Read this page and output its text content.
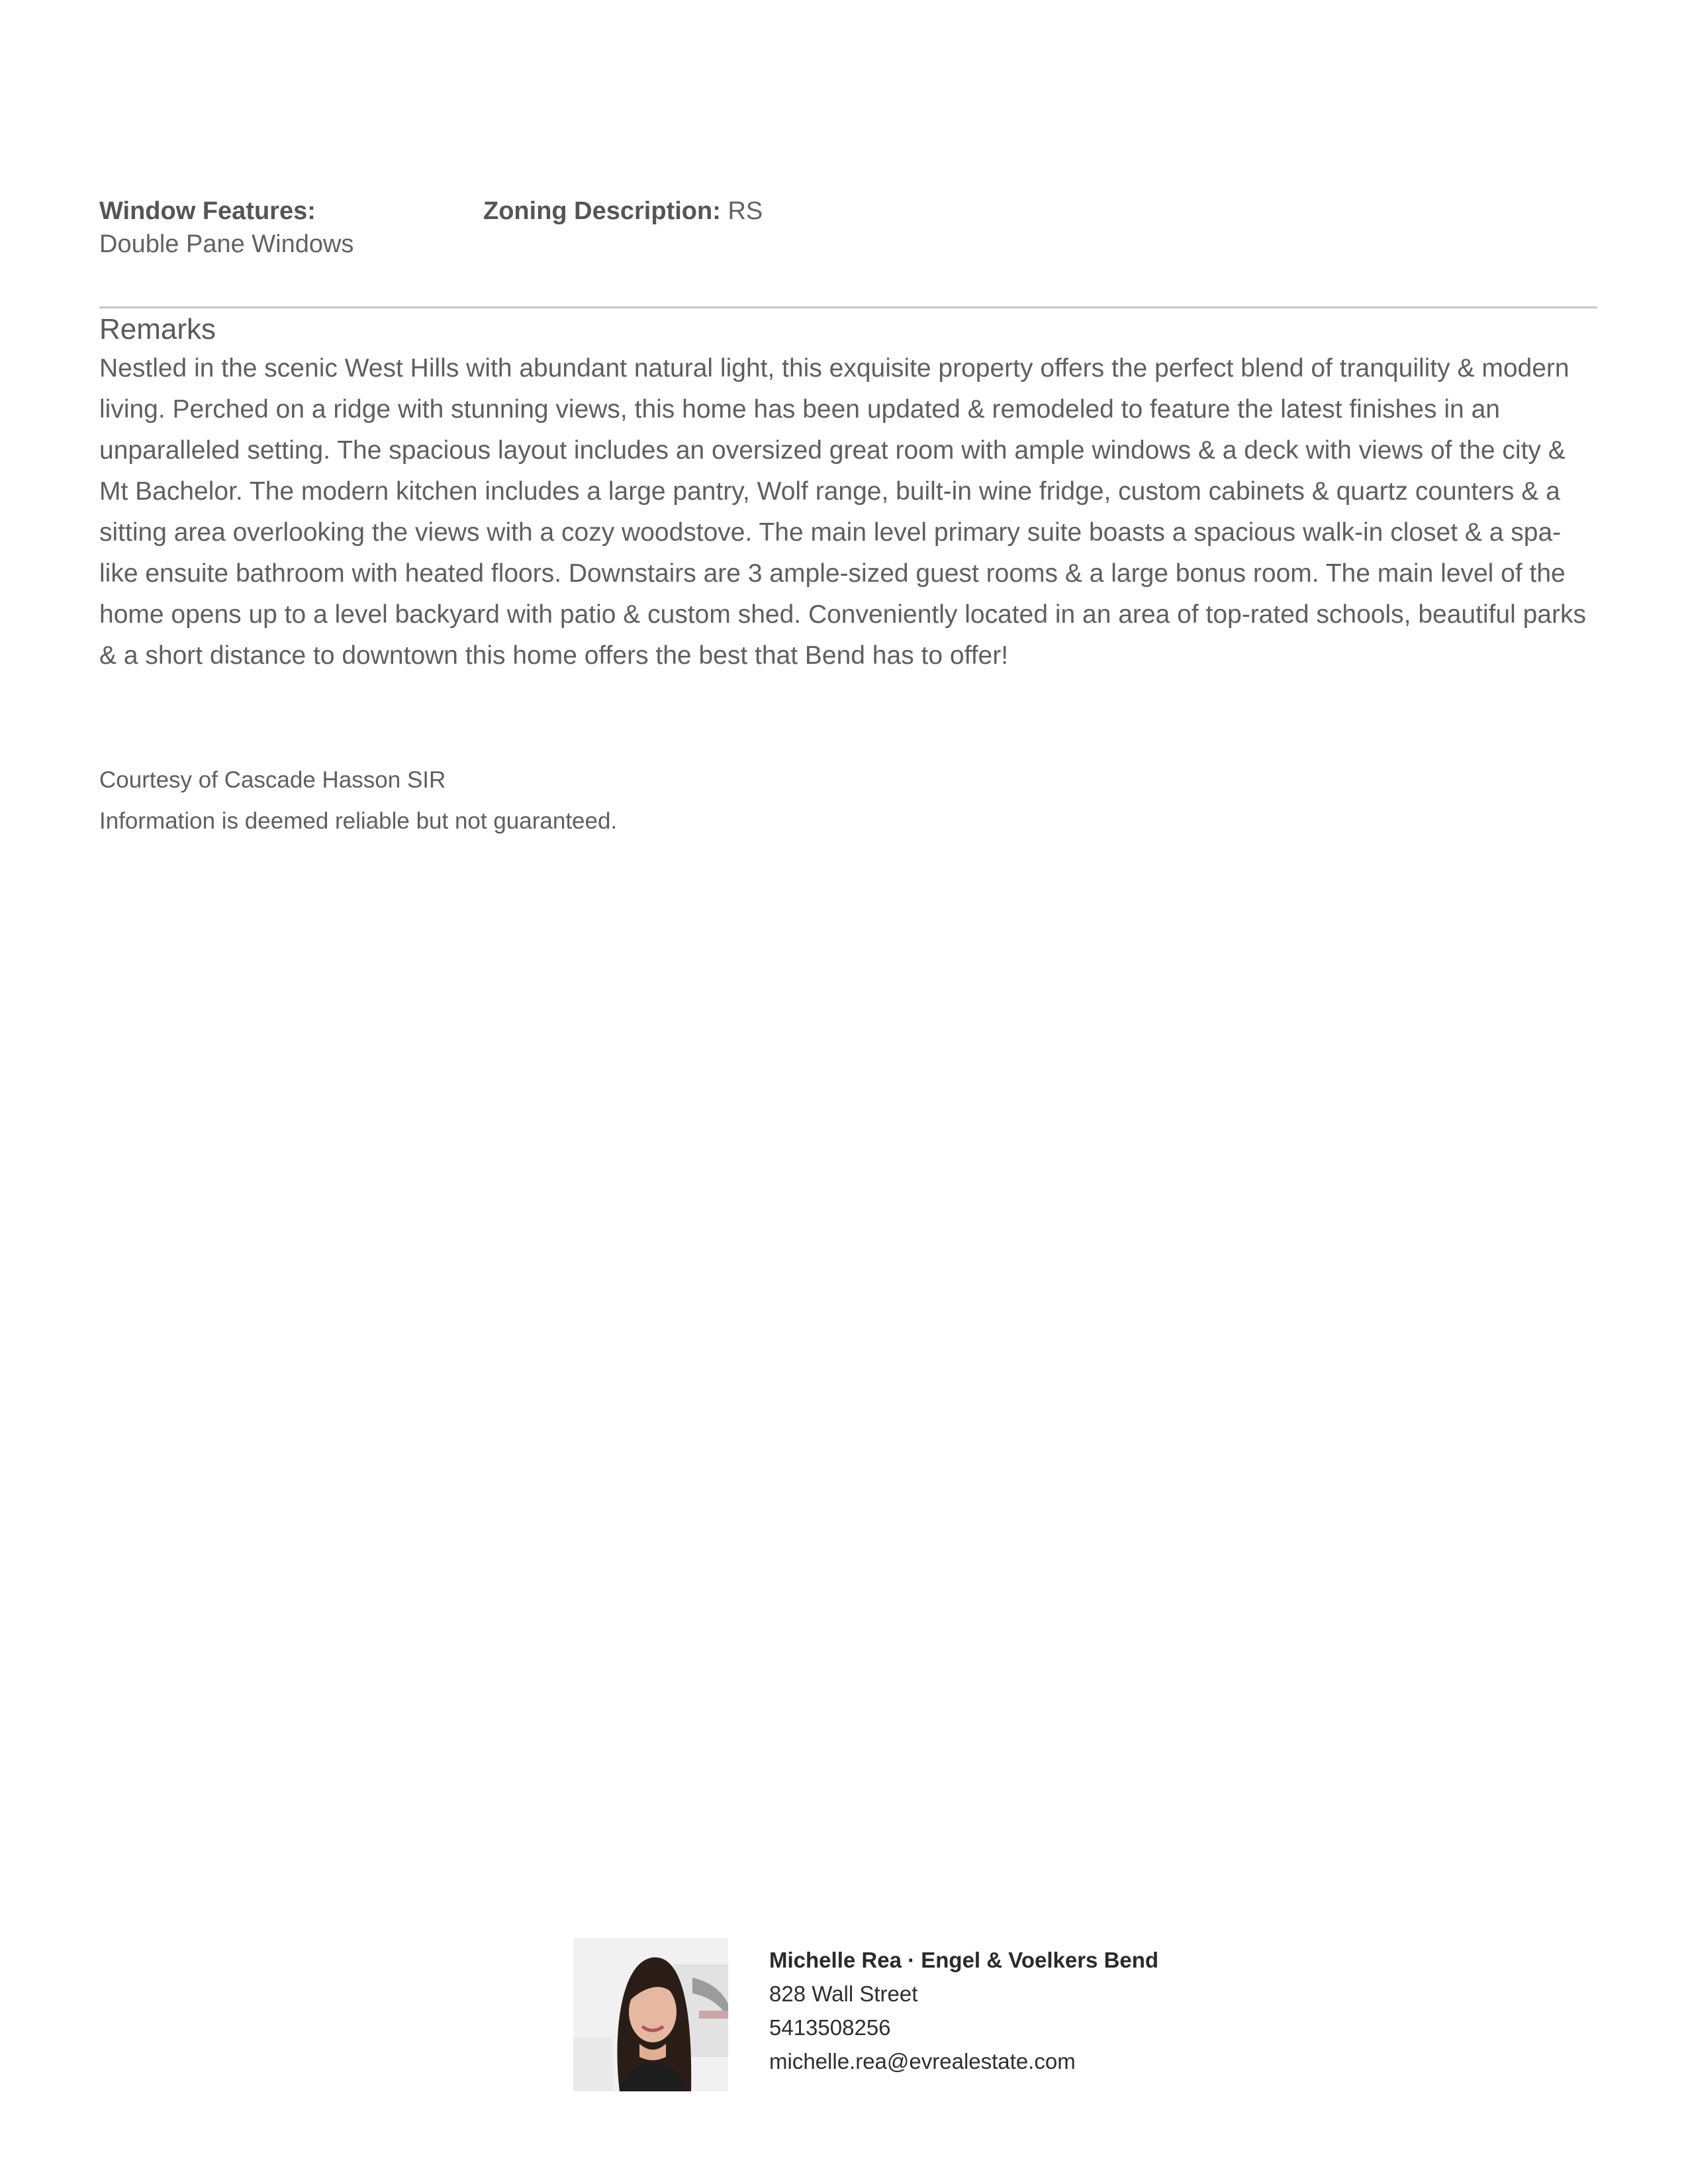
Window Features: Double Pane Windows
Zoning Description: RS
Remarks

Nestled in the scenic West Hills with abundant natural light, this exquisite property offers the perfect blend of tranquility & modern living. Perched on a ridge with stunning views, this home has been updated & remodeled to feature the latest finishes in an unparalleled setting. The spacious layout includes an oversized great room with ample windows & a deck with views of the city & Mt Bachelor. The modern kitchen includes a large pantry, Wolf range, built-in wine fridge, custom cabinets & quartz counters & a sitting area overlooking the views with a cozy woodstove. The main level primary suite boasts a spacious walk-in closet & a spa-like ensuite bathroom with heated floors. Downstairs are 3 ample-sized guest rooms & a large bonus room. The main level of the home opens up to a level backyard with patio & custom shed. Conveniently located in an area of top-rated schools, beautiful parks & a short distance to downtown this home offers the best that Bend has to offer!

Courtesy of Cascade Hasson SIR
Information is deemed reliable but not guaranteed.
Michelle Rea · Engel & Voelkers Bend
828 Wall Street
5413508256
michelle.rea@evrealestate.com
